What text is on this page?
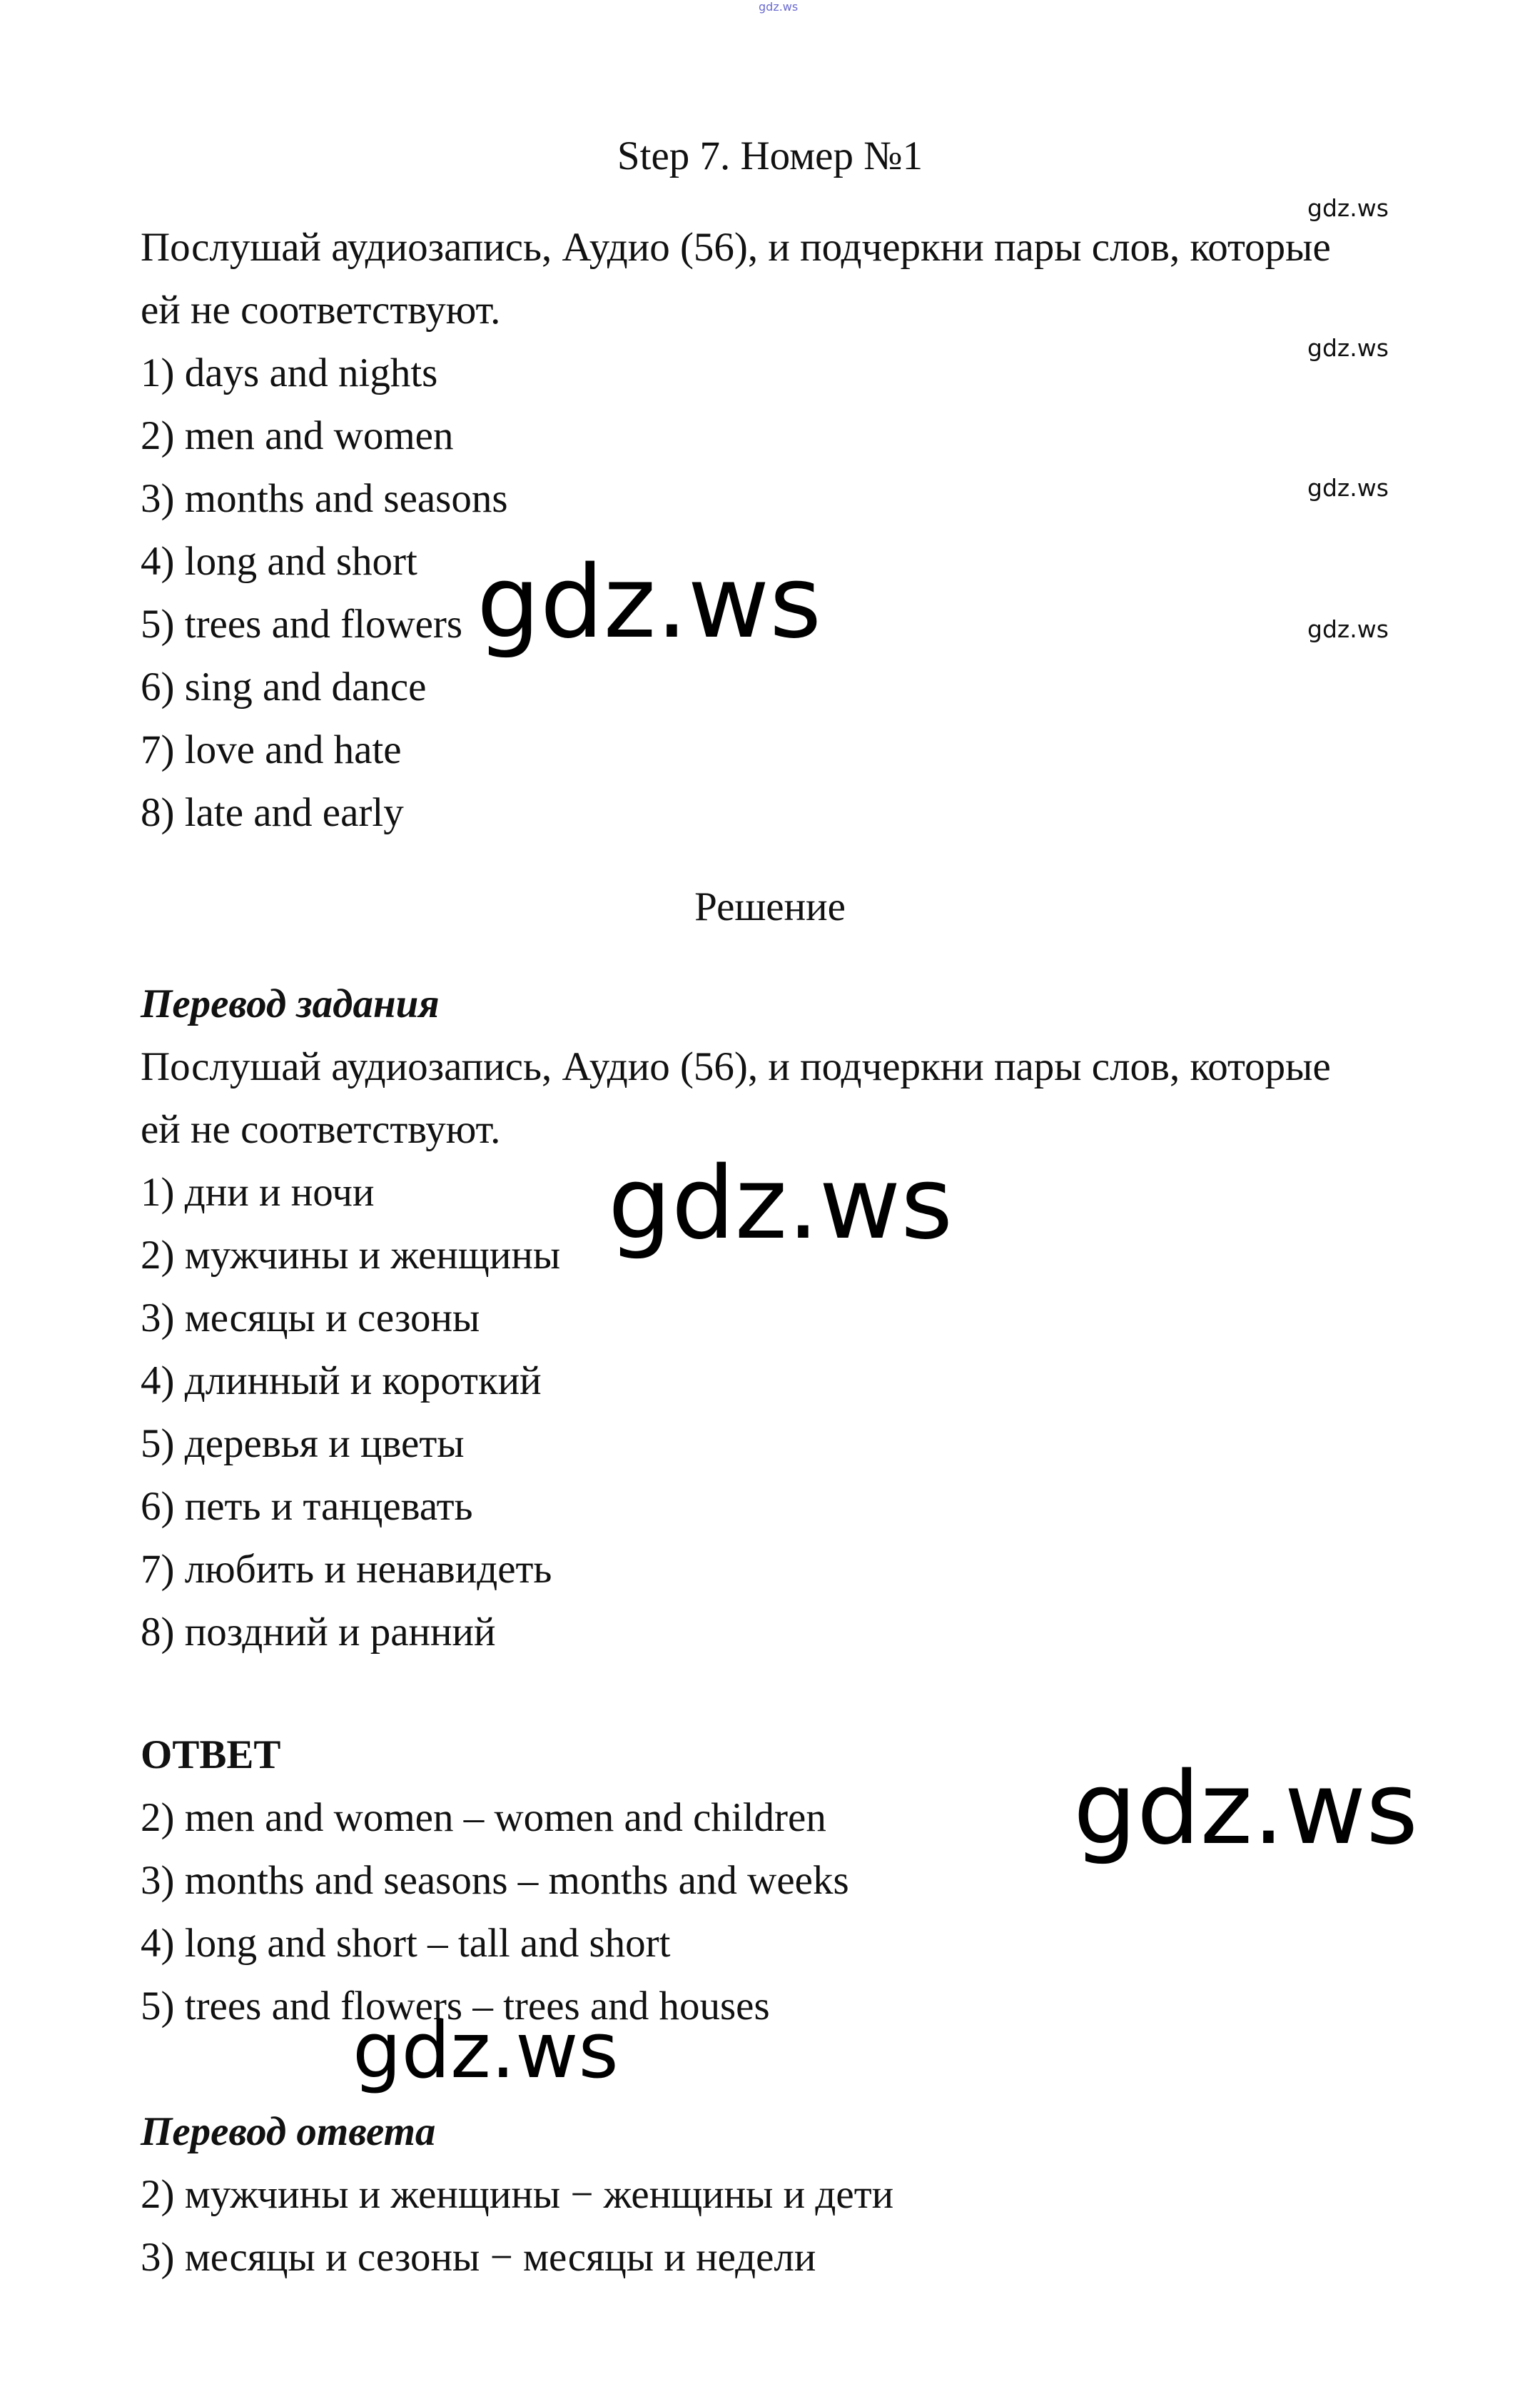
gdz.ws
Step 7. Номер №1
Послушай аудиозапись, Аудио (56), и подчеркни пары слов, которые
ей не соответствуют.
1) days and nights
2) men and women
3) months and seasons
4) long and short
5) trees and flowers
6) sing and dance
7) love and hate
8) late and early
Решение
Перевод задания
Послушай аудиозапись, Аудио (56), и подчеркни пары слов, которые
ей не соответствуют.
1) дни и ночи
2) мужчины и женщины
3) месяцы и сезоны
4) длинный и короткий
5) деревья и цветы
6) петь и танцевать
7) любить и ненавидеть
8) поздний и ранний
ОТВЕТ
2) men and women – women and children
3) months and seasons – months and weeks
4) long and short – tall and short
5) trees and flowers – trees and houses
Перевод ответа
2) мужчины и женщины − женщины и дети
3) месяцы и сезоны − месяцы и недели
gdz.ws
gdz.ws
gdz.ws
gdz.ws
gdz.ws
gdz.ws
gdz.ws
gdz.ws
